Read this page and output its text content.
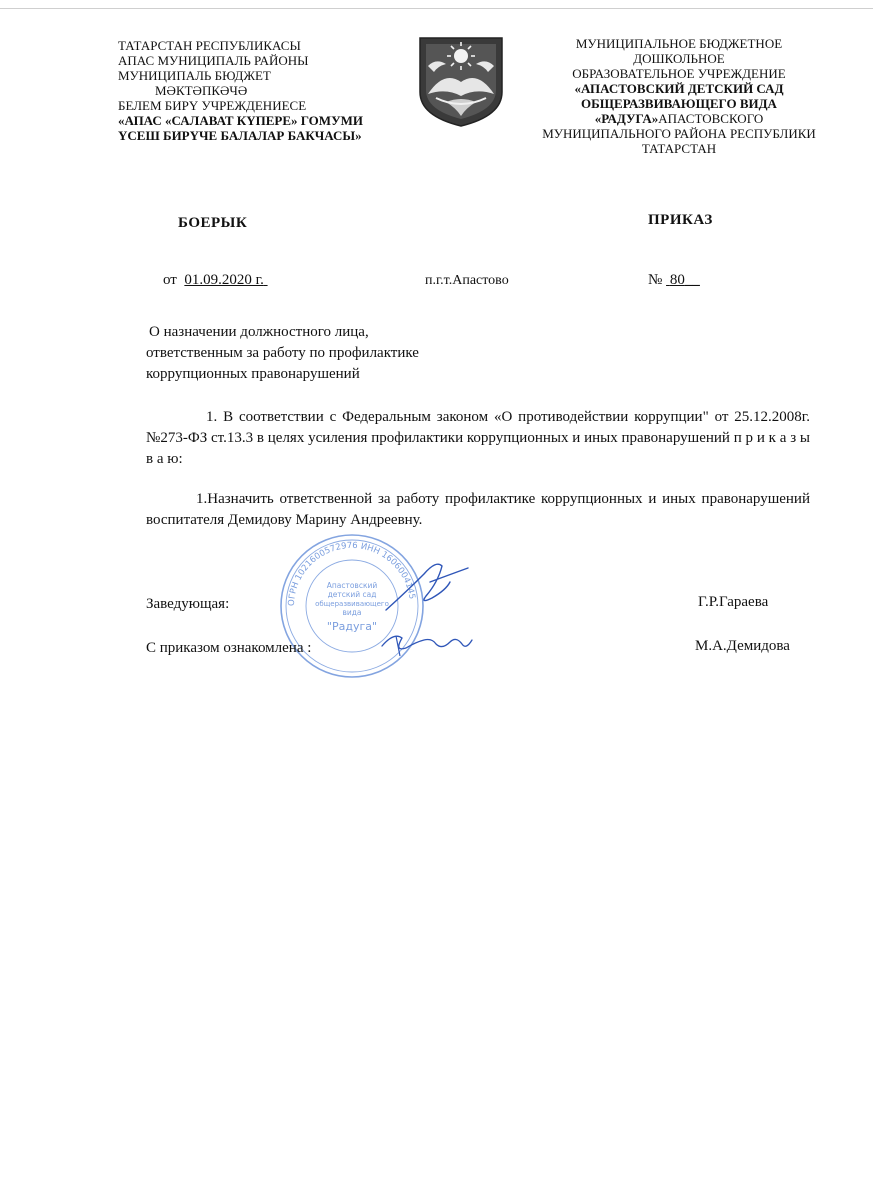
ТАТАРСТАН РЕСПУБЛИКАСЫ
АПАС МУНИЦИПАЛЬ РАЙОНЫ
МУНИЦИПАЛЬ БЮДЖЕТ
МӘКТӘПКӘЧӘ
БЕЛЕМ БИРҮ УЧРЕЖДЕНИЕСЕ
«АПАС «САЛАВАТ КҮПЕРЕ» ГОМУМИ
ҮСЕШ БИРҮЧЕ БАЛАЛАР БАКЧАСЫ»
МУНИЦИПАЛЬНОЕ БЮДЖЕТНОЕ
ДОШКОЛЬНОЕ
ОБРАЗОВАТЕЛЬНОЕ УЧРЕЖДЕНИЕ
«АПАСТОВСКИЙ ДЕТСКИЙ САД
ОБЩЕРАЗВИВАЮЩЕГО ВИДА
«РАДУГА»АПАСТОВСКОГО
МУНИЦИПАЛЬНОГО РАЙОНА РЕСПУБЛИКИ
ТАТАРСТАН
БОЕРЫК	ПРИКАЗ
от 01.09.2020 г.	п.г.т.Апастово	№ 80__
О назначении должностного лица,
ответственным за работу по профилактике
коррупционных правонарушений
1. В соответствии с Федеральным законом «О противодействии коррупции" от 25.12.2008г. №273-ФЗ ст.13.3 в целях усиления профилактики коррупционных и иных правонарушений п р и к а з ы в а ю:
1.Назначить ответственной за работу профилактике коррупционных и иных правонарушений воспитателя Демидову Марину Андреевну.
ОГРН 1021600572976 ИНН 1606004145
Апастовский
детский сад
общеразвивающего
вида
"Радуга"
Заведующая:	Г.Р.Гараева
С приказом ознакомлена :	М.А.Демидова
